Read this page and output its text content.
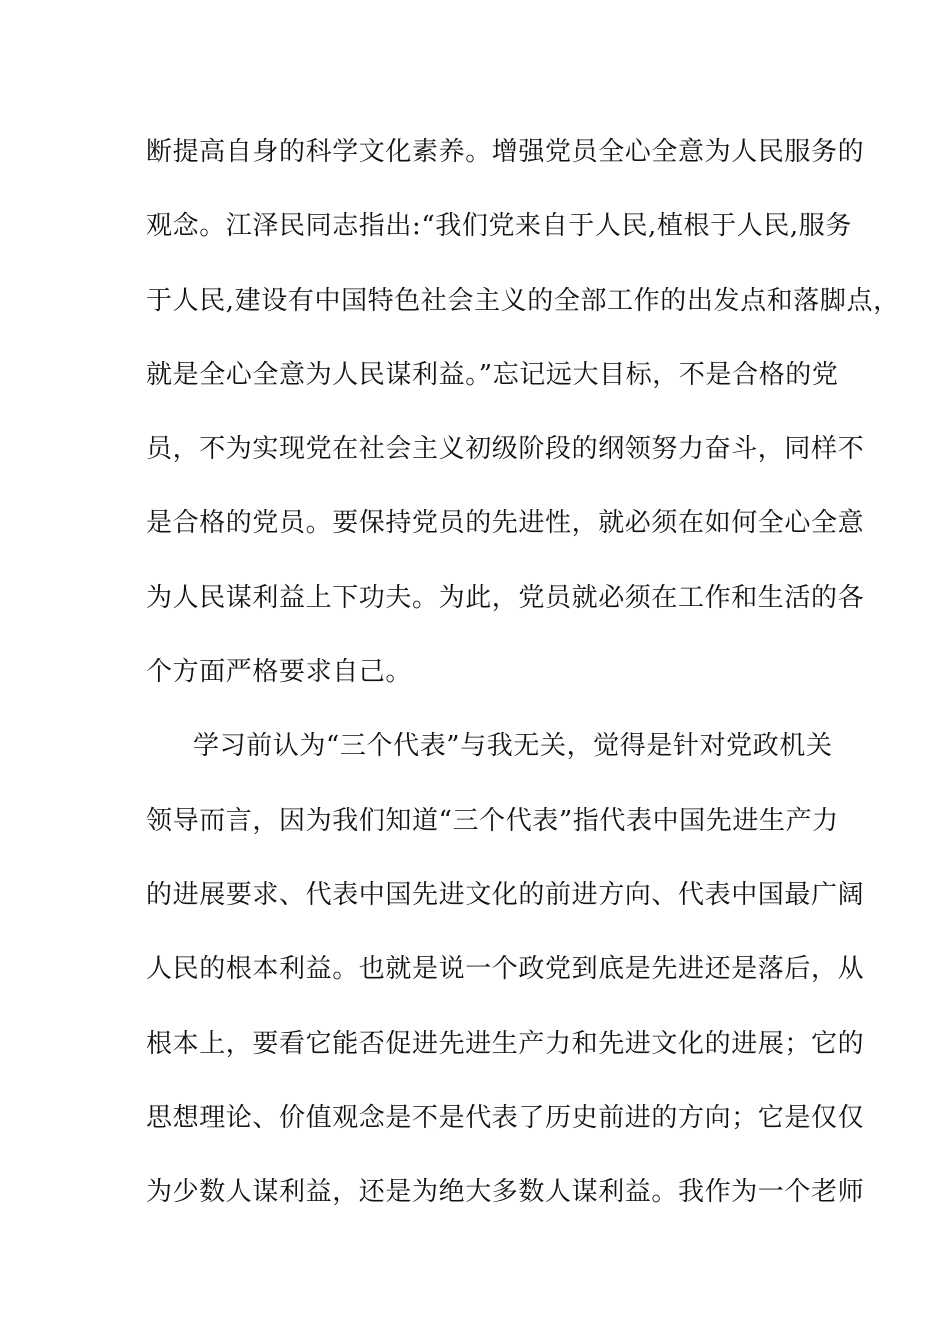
断提高自身的科学文化素养。增强党员全心全意为人民服务的
观念。江泽民同志指出:“我们党来自于人民,植根于人民,服务
于人民,建设有中国特色社会主义的全部工作的出发点和落脚点，
就是全心全意为人民谋利益。”忘记远大目标，不是合格的党
员，不为实现党在社会主义初级阶段的纲领努力奋斗，同样不
是合格的党员。要保持党员的先进性，就必须在如何全心全意
为人民谋利益上下功夫。为此，党员就必须在工作和生活的各
个方面严格要求自己。
学习前认为“三个代表”与我无关，觉得是针对党政机关
领导而言，因为我们知道“三个代表”指代表中国先进生产力
的进展要求、代表中国先进文化的前进方向、代表中国最广阔
人民的根本利益。也就是说一个政党到底是先进还是落后，从
根本上，要看它能否促进先进生产力和先进文化的进展；它的
思想理论、价值观念是不是代表了历史前进的方向；它是仅仅
为少数人谋利益，还是为绝大多数人谋利益。我作为一个老师
